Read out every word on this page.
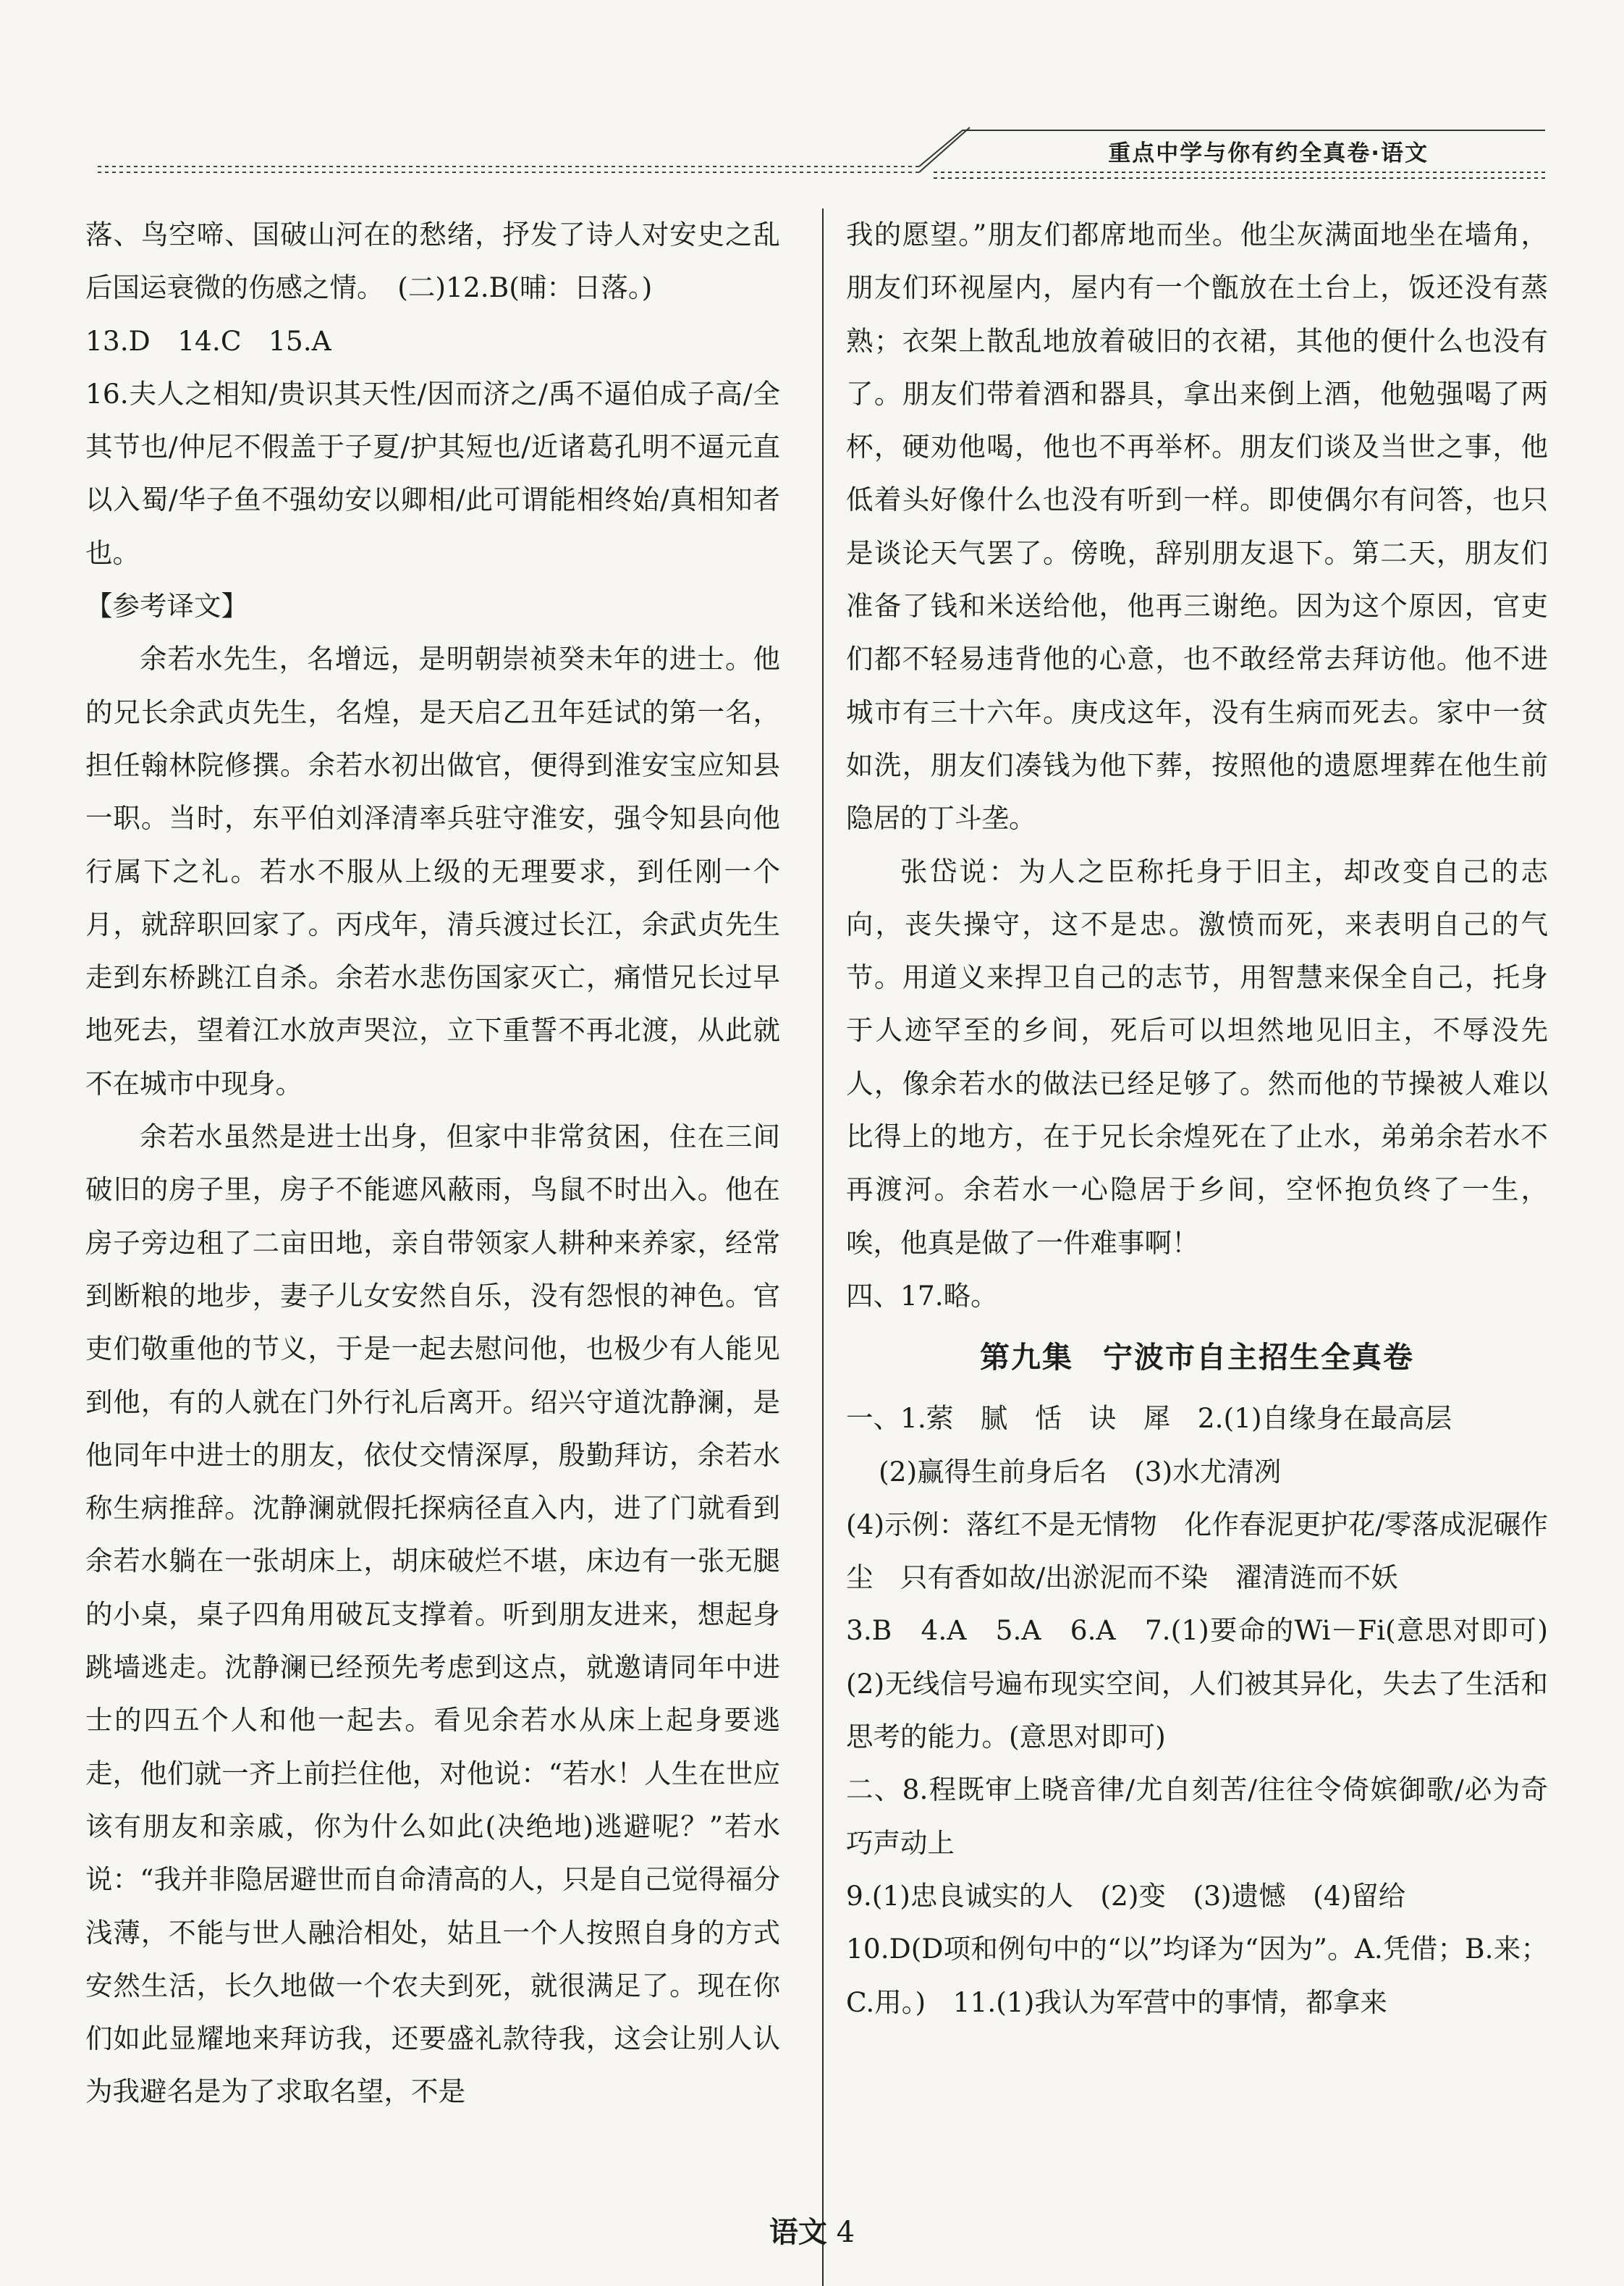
重点中学与你有约全真卷·语文

落、鸟空啼、国破山河在的愁绪，抒发了诗人对安史之乱后国运衰微的伤感之情。　(二)12.B(晡：日落。)

13.D　14.C　15.A

16.夫人之相知/贵识其天性/因而济之/禹不逼伯成子高/全其节也/仲尼不假盖于子夏/护其短也/近诸葛孔明不逼元直以入蜀/华子鱼不强幼安以卿相/此可谓能相终始/真相知者也。

【参考译文】

余若水先生，名增远，是明朝崇祯癸未年的进士。他的兄长余武贞先生，名煌，是天启乙丑年廷试的第一名，担任翰林院修撰。余若水初出做官，便得到淮安宝应知县一职。当时，东平伯刘泽清率兵驻守淮安，强令知县向他行属下之礼。若水不服从上级的无理要求，到任刚一个月，就辞职回家了。丙戌年，清兵渡过长江，余武贞先生走到东桥跳江自杀。余若水悲伤国家灭亡，痛惜兄长过早地死去，望着江水放声哭泣，立下重誓不再北渡，从此就不在城市中现身。

余若水虽然是进士出身，但家中非常贫困，住在三间破旧的房子里，房子不能遮风蔽雨，鸟鼠不时出入。他在房子旁边租了二亩田地，亲自带领家人耕种来养家，经常到断粮的地步，妻子儿女安然自乐，没有怨恨的神色。官吏们敬重他的节义，于是一起去慰问他，也极少有人能见到他，有的人就在门外行礼后离开。绍兴守道沈静澜，是他同年中进士的朋友，依仗交情深厚，殷勤拜访，余若水称生病推辞。沈静澜就假托探病径直入内，进了门就看到余若水躺在一张胡床上，胡床破烂不堪，床边有一张无腿的小桌，桌子四角用破瓦支撑着。听到朋友进来，想起身跳墙逃走。沈静澜已经预先考虑到这点，就邀请同年中进士的四五个人和他一起去。看见余若水从床上起身要逃走，他们就一齐上前拦住他，对他说：“若水！人生在世应该有朋友和亲戚，你为什么如此(决绝地)逃避呢？”若水说：“我并非隐居避世而自命清高的人，只是自己觉得福分浅薄，不能与世人融洽相处，姑且一个人按照自身的方式安然生活，长久地做一个农夫到死，就很满足了。现在你们如此显耀地来拜访我，还要盛礼款待我，这会让别人认为我避名是为了求取名望，不是

我的愿望。”朋友们都席地而坐。他尘灰满面地坐在墙角，朋友们环视屋内，屋内有一个甑放在土台上，饭还没有蒸熟；衣架上散乱地放着破旧的衣裙，其他的便什么也没有了。朋友们带着酒和器具，拿出来倒上酒，他勉强喝了两杯，硬劝他喝，他也不再举杯。朋友们谈及当世之事，他低着头好像什么也没有听到一样。即使偶尔有问答，也只是谈论天气罢了。傍晚，辞别朋友退下。第二天，朋友们准备了钱和米送给他，他再三谢绝。因为这个原因，官吏们都不轻易违背他的心意，也不敢经常去拜访他。他不进城市有三十六年。庚戌这年，没有生病而死去。家中一贫如洗，朋友们凑钱为他下葬，按照他的遗愿埋葬在他生前隐居的丁斗垄。

张岱说：为人之臣称托身于旧主，却改变自己的志向，丧失操守，这不是忠。激愤而死，来表明自己的气节。用道义来捍卫自己的志节，用智慧来保全自己，托身于人迹罕至的乡间，死后可以坦然地见旧主，不辱没先人，像余若水的做法已经足够了。然而他的节操被人难以比得上的地方，在于兄长余煌死在了止水，弟弟余若水不再渡河。余若水一心隐居于乡间，空怀抱负终了一生，唉，他真是做了一件难事啊！

四、17.略。

第九集 宁波市自主招生全真卷

一、1.萦　腻　恬　诀　犀　2.(1)自缘身在最高层

(2)赢得生前身后名　(3)水尤清冽

(4)示例：落红不是无情物　化作春泥更护花/零落成泥碾作尘　只有香如故/出淤泥而不染　濯清涟而不妖

3.B　4.A　5.A　6.A　7.(1)要命的Wi－Fi(意思对即可)　(2)无线信号遍布现实空间，人们被其异化，失去了生活和思考的能力。(意思对即可)

二、8.程既审上晓音律/尤自刻苦/往往令倚嫔御歌/必为奇巧声动上

9.(1)忠良诚实的人　(2)变　(3)遗憾　(4)留给

10.D(D项和例句中的“以”均译为“因为”。A.凭借；B.来；C.用。)　11.(1)我认为军营中的事情，都拿来

语文 4
